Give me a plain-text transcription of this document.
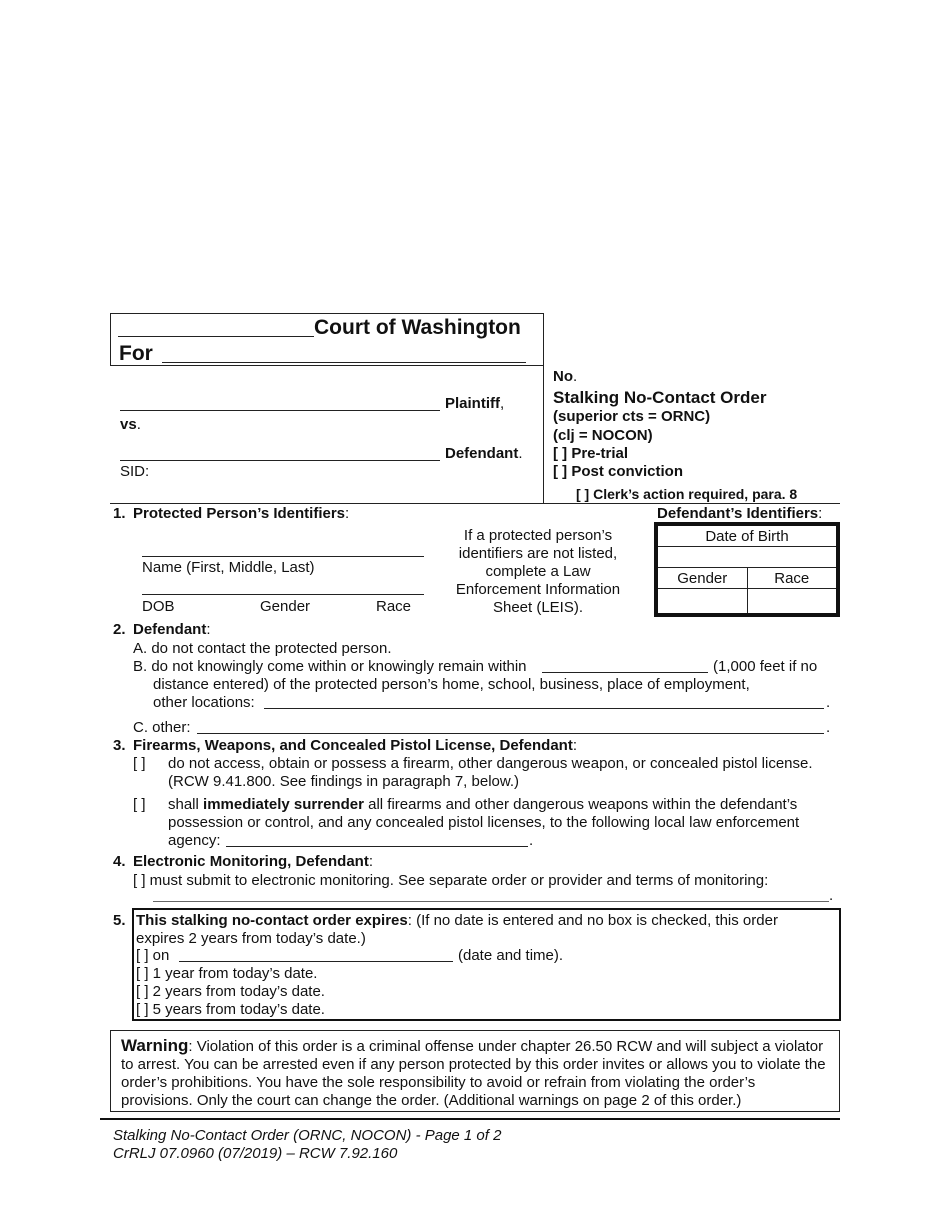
Court of Washington
For
Plaintiff,
vs.
Defendant.
SID:
No.
Stalking No-Contact Order
(superior cts = ORNC)
(clj = NOCON)
[ ] Pre-trial
[ ] Post conviction
[ ] Clerk’s action required, para. 8
1. Protected Person’s Identifiers:
Name (First, Middle, Last)
DOB	Gender	Race
If a protected person’s
identifiers are not listed,
complete a Law
Enforcement Information
Sheet (LEIS).
Defendant’s Identifiers:
Date of Birth	

Gender	Race

2. Defendant:
A. do not contact the protected person.
B. do not knowingly come within or knowingly remain within	(1,000 feet if no
distance entered) of the protected person’s home, school, business, place of employment,
other locations:	.
C. other:	.
3. Firearms, Weapons, and Concealed Pistol License, Defendant:
[ ] do not access, obtain or possess a firearm, other dangerous weapon, or concealed pistol license.
(RCW 9.41.800. See findings in paragraph 7, below.)
[ ] shall immediately surrender all firearms and other dangerous weapons within the defendant’s
possession or control, and any concealed pistol licenses, to the following local law enforcement
agency:	.
4. Electronic Monitoring, Defendant:
[ ] must submit to electronic monitoring. See separate order or provider and terms of monitoring:
.
5. This stalking no-contact order expires: (If no date is entered and no box is checked, this order
expires 2 years from today’s date.)
[ ] on	(date and time).
[ ] 1 year from today’s date.
[ ] 2 years from today’s date.
[ ] 5 years from today’s date.
Warning: Violation of this order is a criminal offense under chapter 26.50 RCW and will subject a violator to arrest. You can be arrested even if any person protected by this order invites or allows you to violate the order’s prohibitions. You have the sole responsibility to avoid or refrain from violating the order’s provisions. Only the court can change the order. (Additional warnings on page 2 of this order.)
Stalking No-Contact Order (ORNC, NOCON) - Page 1 of 2
CrRLJ 07.0960 (07/2019) – RCW 7.92.160
